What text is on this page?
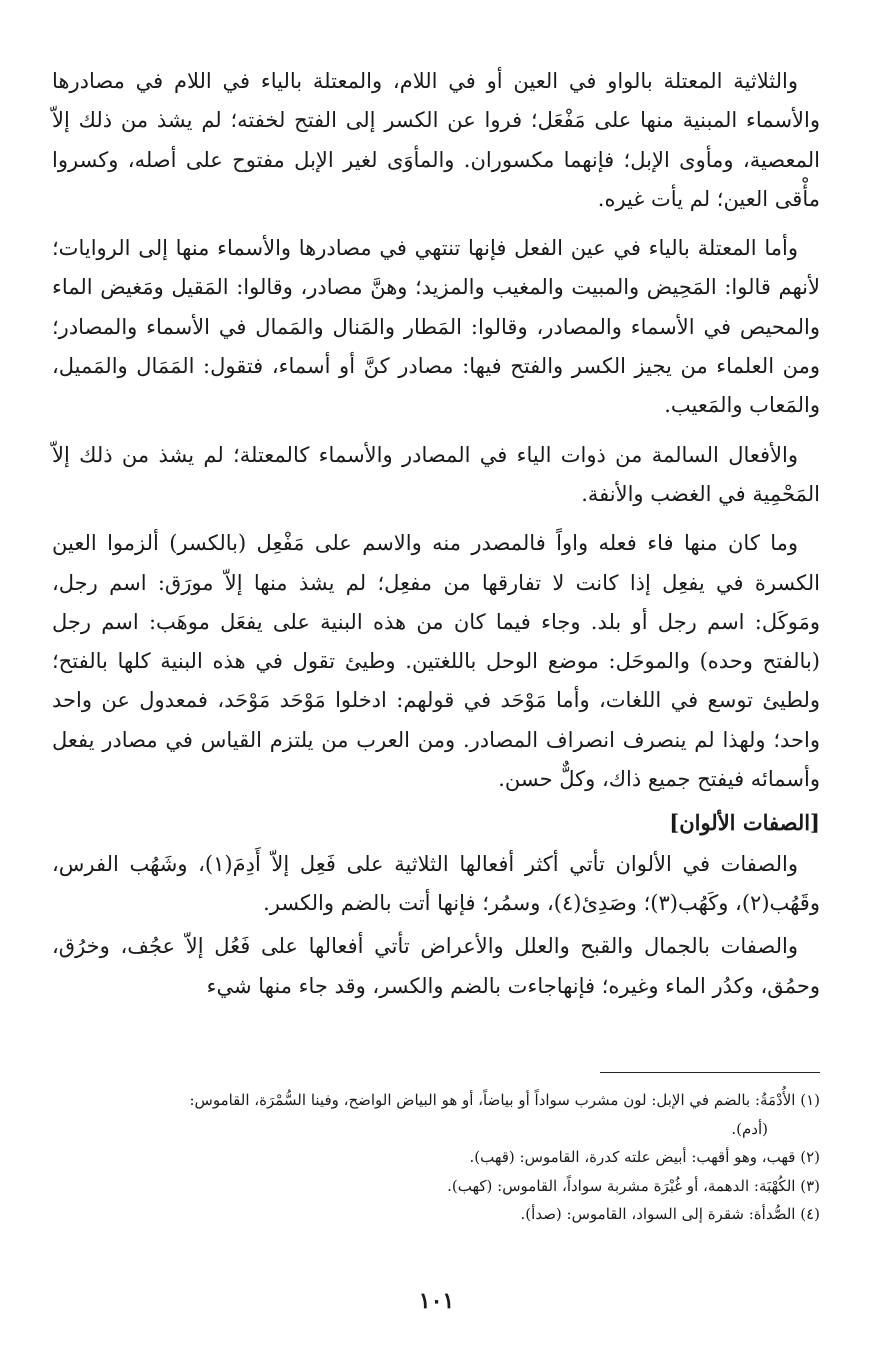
والثلاثية المعتلة بالواو في العين أو في اللام، والمعتلة بالياء في اللام في مصادرها والأسماء المبنية منها على مَفْعَل؛ فروا عن الكسر إلى الفتح لخفته؛ لم يشذ من ذلك إلاّ المعصية، ومأوى الإبل؛ فإنهما مكسوران. والمأوَى لغير الإبل مفتوح على أصله، وكسروا مأْقى العين؛ لم يأت غيره.

وأما المعتلة بالياء في عين الفعل فإنها تنتهي في مصادرها والأسماء منها إلى الروايات؛ لأنهم قالوا: المَحِيض والمبيت والمغيب والمزيد؛ وهنَّ مصادر، وقالوا: المَقيل ومَغيض الماء والمحيص في الأسماء والمصادر، وقالوا: المَطار والمَنال والمَمال في الأسماء والمصادر؛ ومن العلماء من يجيز الكسر والفتح فيها: مصادر كنَّ أو أسماء، فتقول: المَمَال والمَميل، والمَعاب والمَعيب.

والأفعال السالمة من ذوات الياء في المصادر والأسماء كالمعتلة؛ لم يشذ من ذلك إلاّ المَحْمِية في الغضب والأنفة.

وما كان منها فاء فعله واواً فالمصدر منه والاسم على مَفْعِل (بالكسر) ألزموا العين الكسرة في يفعِل إذا كانت لا تفارقها من مفعِل؛ لم يشذ منها إلاّ مورَق: اسم رجل، ومَوكَل: اسم رجل أو بلد. وجاء فيما كان من هذه البنية على يفعَل موهَب: اسم رجل (بالفتح وحده) والموحَل: موضع الوحل باللغتين. وطيئ تقول في هذه البنية كلها بالفتح؛ ولطيئ توسع في اللغات، وأما مَوْحَد في قولهم: ادخلوا مَوْحَد مَوْحَد، فمعدول عن واحد واحد؛ ولهذا لم ينصرف انصراف المصادر. ومن العرب من يلتزم القياس في مصادر يفعل وأسمائه فيفتح جميع ذاك، وكلٌّ حسن.

[الصفات الألوان]

والصفات في الألوان تأتي أكثر أفعالها الثلاثية على فَعِل إلاّ أَدِمَ(١)، وشَهُب الفرس، وقَهُب(٢)، وكَهُب(٣)؛ وصَدِئ(٤)، وسمُر؛ فإنها أتت بالضم والكسر.

والصفات بالجمال والقبح والعلل والأعراض تأتي أفعالها على فَعُل إلاّ عجُف، وخرُق، وحمُق، وكدُر الماء وغيره؛ فإنهاجاءت بالضم والكسر، وقد جاء منها شيء

(١) الأُدْمَةُ: بالضم في الإبل: لون مشرب سواداً أو بياضاً، أو هو البياض الواضح، وفينا السُّمْرَة، القاموس:

(أدم).

(٢) قهب، وهو أقهب: أبيض علته كدرة، القاموس: (قهب).

(٣) الكُهْبَة: الدهمة، أو غُبْرَة مشربة سواداً، القاموس: (كهب).

(٤) الصُّدأة: شقرة إلى السواد، القاموس: (صدأ).

١٠١
